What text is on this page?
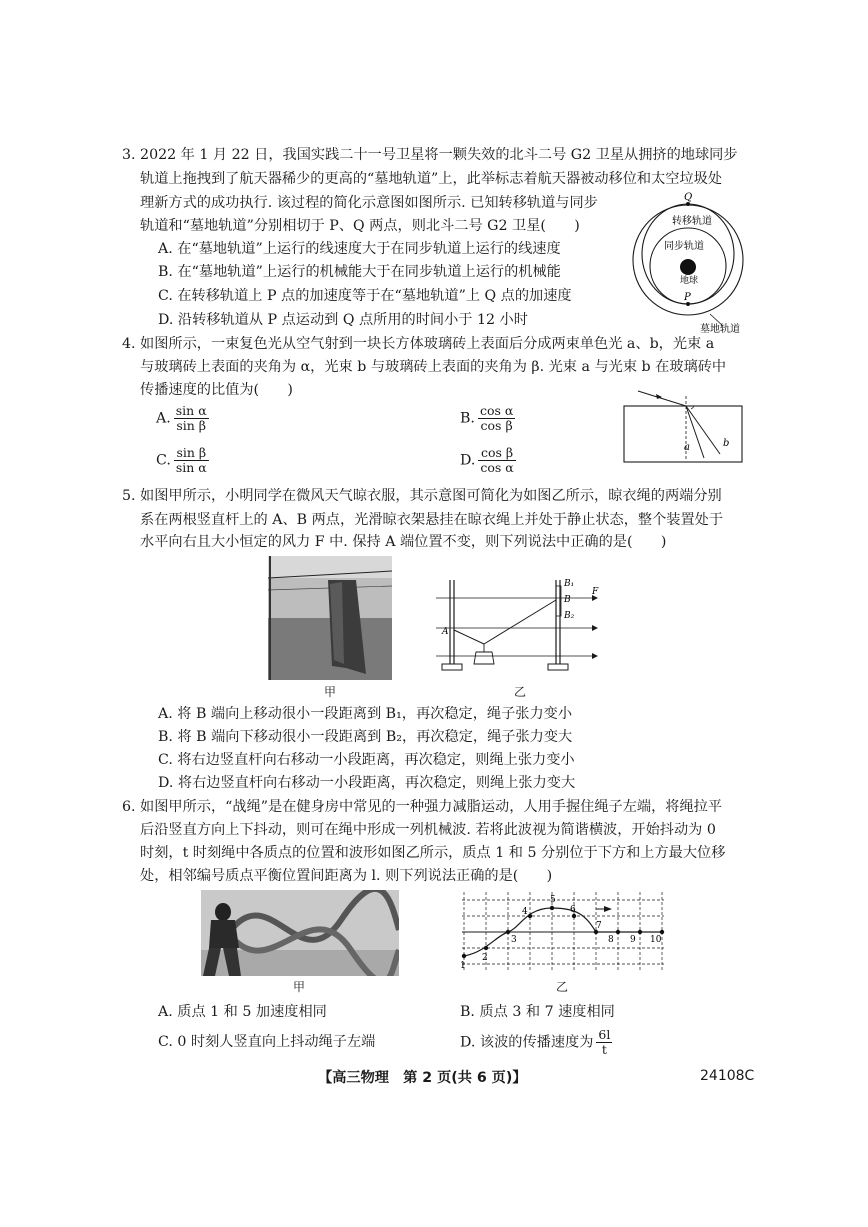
3. 2022 年 1 月 22 日，我国实践二十一号卫星将一颗失效的北斗二号 G2 卫星从拥挤的地球同步
轨道上拖拽到了航天器稀少的更高的“墓地轨道”上，此举标志着航天器被动移位和太空垃圾处
理新方式的成功执行. 该过程的简化示意图如图所示. 已知转移轨道与同步
轨道和“墓地轨道”分别相切于 P、Q 两点，则北斗二号 G2 卫星(　　)
A. 在“墓地轨道”上运行的线速度大于在同步轨道上运行的线速度
B. 在“墓地轨道”上运行的机械能大于在同步轨道上运行的机械能
C. 在转移轨道上 P 点的加速度等于在“墓地轨道”上 Q 点的加速度
D. 沿转移轨道从 P 点运动到 Q 点所用的时间小于 12 小时
Q
转移轨道
同步轨道
地球
P
墓地轨道
4. 如图所示，一束复色光从空气射到一块长方体玻璃砖上表面后分成两束单色光 a、b，光束 a
与玻璃砖上表面的夹角为 α，光束 b 与玻璃砖上表面的夹角为 β. 光束 a 与光束 b 在玻璃砖中
传播速度的比值为(　　)
A. $\frac{\text{sin α}}{\text{sin β}}$	B. $\frac{\text{cos α}}{\text{cos β}}$
C. $\frac{\text{sin β}}{\text{sin α}}$	D. $\frac{\text{cos β}}{\text{cos α}}$	a	b
5. 如图甲所示，小明同学在微风天气晾衣服，其示意图可简化为如图乙所示，晾衣绳的两端分别
系在两根竖直杆上的 A、B 两点，光滑晾衣架悬挂在晾衣绳上并处于静止状态，整个装置处于
水平向右且大小恒定的风力 F 中. 保持 A 端位置不变，则下列说法中正确的是(　　)
甲
B₁
B
B₂
F
A
乙
A. 将 B 端向上移动很小一段距离到 B₁，再次稳定，绳子张力变小
B. 将 B 端向下移动很小一段距离到 B₂，再次稳定，绳子张力变大
C. 将右边竖直杆向右移动一小段距离，再次稳定，则绳上张力变小
D. 将右边竖直杆向右移动一小段距离，再次稳定，则绳上张力变大
6. 如图甲所示，“战绳”是在健身房中常见的一种强力减脂运动，人用手握住绳子左端，将绳拉平
后沿竖直方向上下抖动，则可在绳中形成一列机械波. 若将此波视为简谐横波，开始抖动为 0
时刻，t 时刻绳中各质点的位置和波形如图乙所示，质点 1 和 5 分别位于下方和上方最大位移
处，相邻编号质点平衡位置间距离为 l. 则下列说法正确的是(　　)
甲
1
2
3
4
5
6
7
8 9 10
乙
A. 质点 1 和 5 加速度相同	B. 质点 3 和 7 速度相同
C. 0 时刻人竖直向上抖动绳子左端	D. 该波的传播速度为 $\frac{6l}{t}$
【高三物理　第 2 页(共 6 页)】	24108C
